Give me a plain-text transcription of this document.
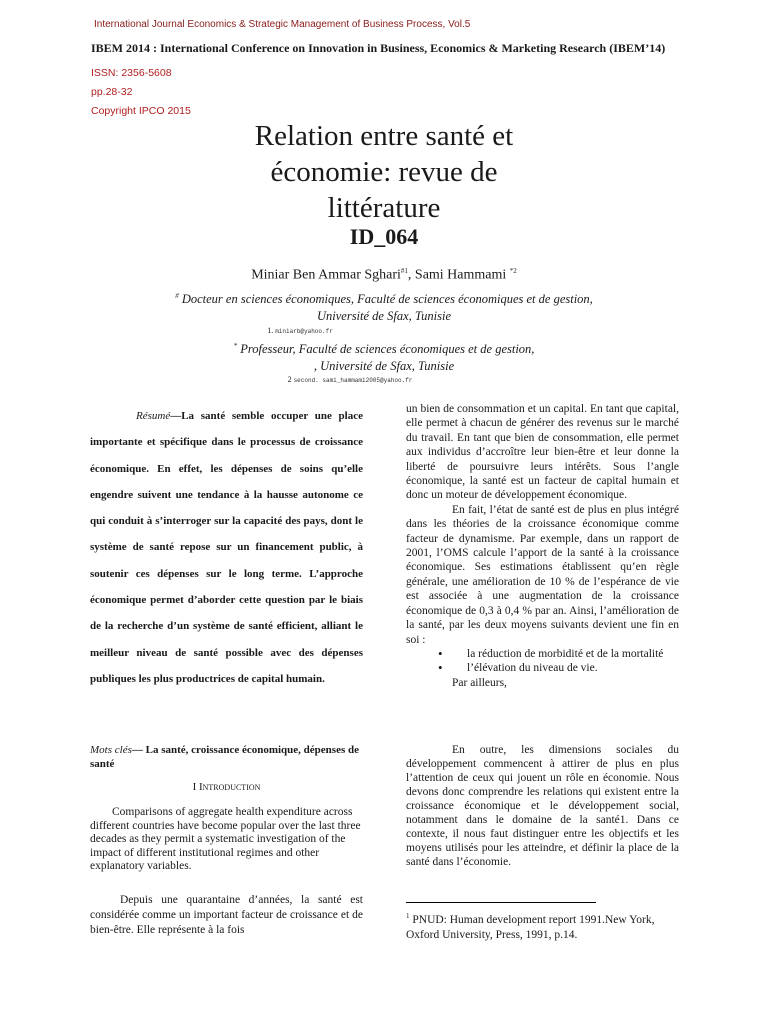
International Journal Economics & Strategic Management of Business Process, Vol.5
IBEM 2014 : International Conference on Innovation in Business, Economics & Marketing Research (IBEM’14)
ISSN: 2356-5608
pp.28-32
Copyright IPCO 2015
Relation entre santé et
économie: revue de
littérature
ID_064
Miniar Ben Ammar Sghari$^{\#1}$, Sami Hammami $^{*2}$
# Docteur en sciences économiques, Faculté de sciences économiques et de gestion,
Université de Sfax, Tunisie
1. miniarb@yahoo.fr
* Professeur, Faculté de sciences économiques et de gestion,
, Université de Sfax, Tunisie
2 second. sami_hammami2005@yahoo.fr
Résumé—La santé semble occuper une place importante et spécifique dans le processus de croissance économique. En effet, les dépenses de soins qu’elle engendre suivent une tendance à la hausse autonome ce qui conduit à s’interroger sur la capacité des pays, dont le système de santé repose sur un financement public, à soutenir ces dépenses sur le long terme. L’approche économique permet d’aborder cette question par le biais de la recherche d’un système de santé efficient, alliant le meilleur niveau de santé possible avec des dépenses publiques les plus productrices de capital humain.
Mots clés— La santé, croissance économique, dépenses de santé
I Introduction

Comparisons of aggregate health expenditure across different countries have become popular over the last three decades as they permit a systematic investigation of the impact of different institutional regimes and other explanatory variables.

Depuis une quarantaine d’années, la santé est considérée comme un important facteur de croissance et de bien-être. Elle représente à la fois

un bien de consommation et un capital. En tant que capital, elle permet à chacun de générer des revenus sur le marché du travail. En tant que bien de consommation, elle permet aux individus d’accroître leur bien-être et leur donne la liberté de poursuivre leurs intérêts. Sous l’angle économique, la santé est un facteur de capital humain et donc un moteur de développement économique.

En fait, l’état de santé est de plus en plus intégré dans les théories de la croissance économique comme facteur de dynamisme. Par exemple, dans un rapport de 2001, l’OMS calcule l’apport de la santé à la croissance économique. Ses estimations établissent qu’en règle générale, une amélioration de 10 % de l’espérance de vie est associée à une augmentation de la croissance économique de 0,3 à 0,4 % par an. Ainsi, l’amélioration de la santé, par les deux moyens suivants devient une fin en soi :

• la réduction de morbidité et de la mortalité
• l’élévation du niveau de vie.

Par ailleurs,

En outre, les dimensions sociales du développement commencent à attirer de plus en plus l’attention de ceux qui jouent un rôle en économie. Nous devons donc comprendre les relations qui existent entre la croissance économique et le développement social, notamment dans le domaine de la santé1. Dans ce contexte, il nous faut distinguer entre les objectifs et les moyens utilisés pour les atteindre, et définir la place de la santé dans l’économie.
$^1$ PNUD: Human development report 1991.New York, Oxford University, Press, 1991, p.14.
